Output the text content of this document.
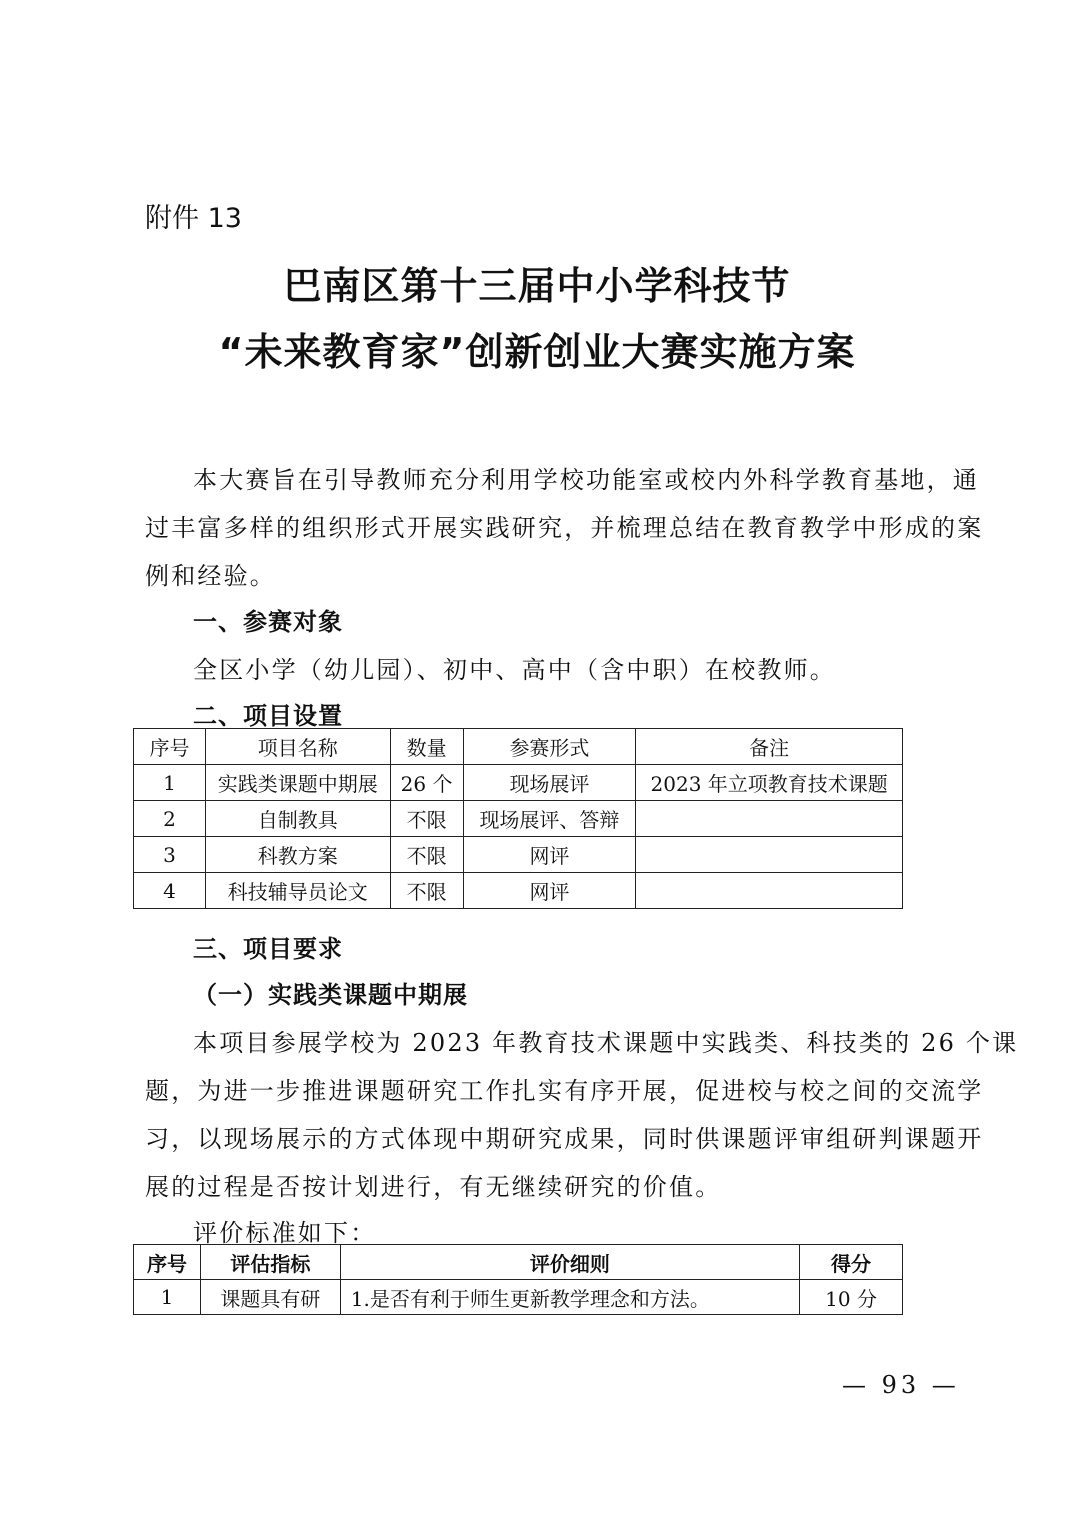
附件 13
巴南区第十三届中小学科技节
“未来教育家”创新创业大赛实施方案
本大赛旨在引导教师充分利用学校功能室或校内外科学教育基地，通
过丰富多样的组织形式开展实践研究，并梳理总结在教育教学中形成的案
例和经验。
一、参赛对象
全区小学（幼儿园）、初中、高中（含中职）在校教师。
二、项目设置
序号	项目名称	数量	参赛形式	备注
1	实践类课题中期展	26 个	现场展评	2023 年立项教育技术课题
2	自制教具	不限	现场展评、答辩	
3	科教方案	不限	网评	
4	科技辅导员论文	不限	网评	
三、项目要求
（一）实践类课题中期展
本项目参展学校为 2023 年教育技术课题中实践类、科技类的 26 个课
题，为进一步推进课题研究工作扎实有序开展，促进校与校之间的交流学
习，以现场展示的方式体现中期研究成果，同时供课题评审组研判课题开
展的过程是否按计划进行，有无继续研究的价值。
评价标准如下：
序号	评估指标	评价细则	得分
1	课题具有研	1.是否有利于师生更新教学理念和方法。	10 分
— 93 —
